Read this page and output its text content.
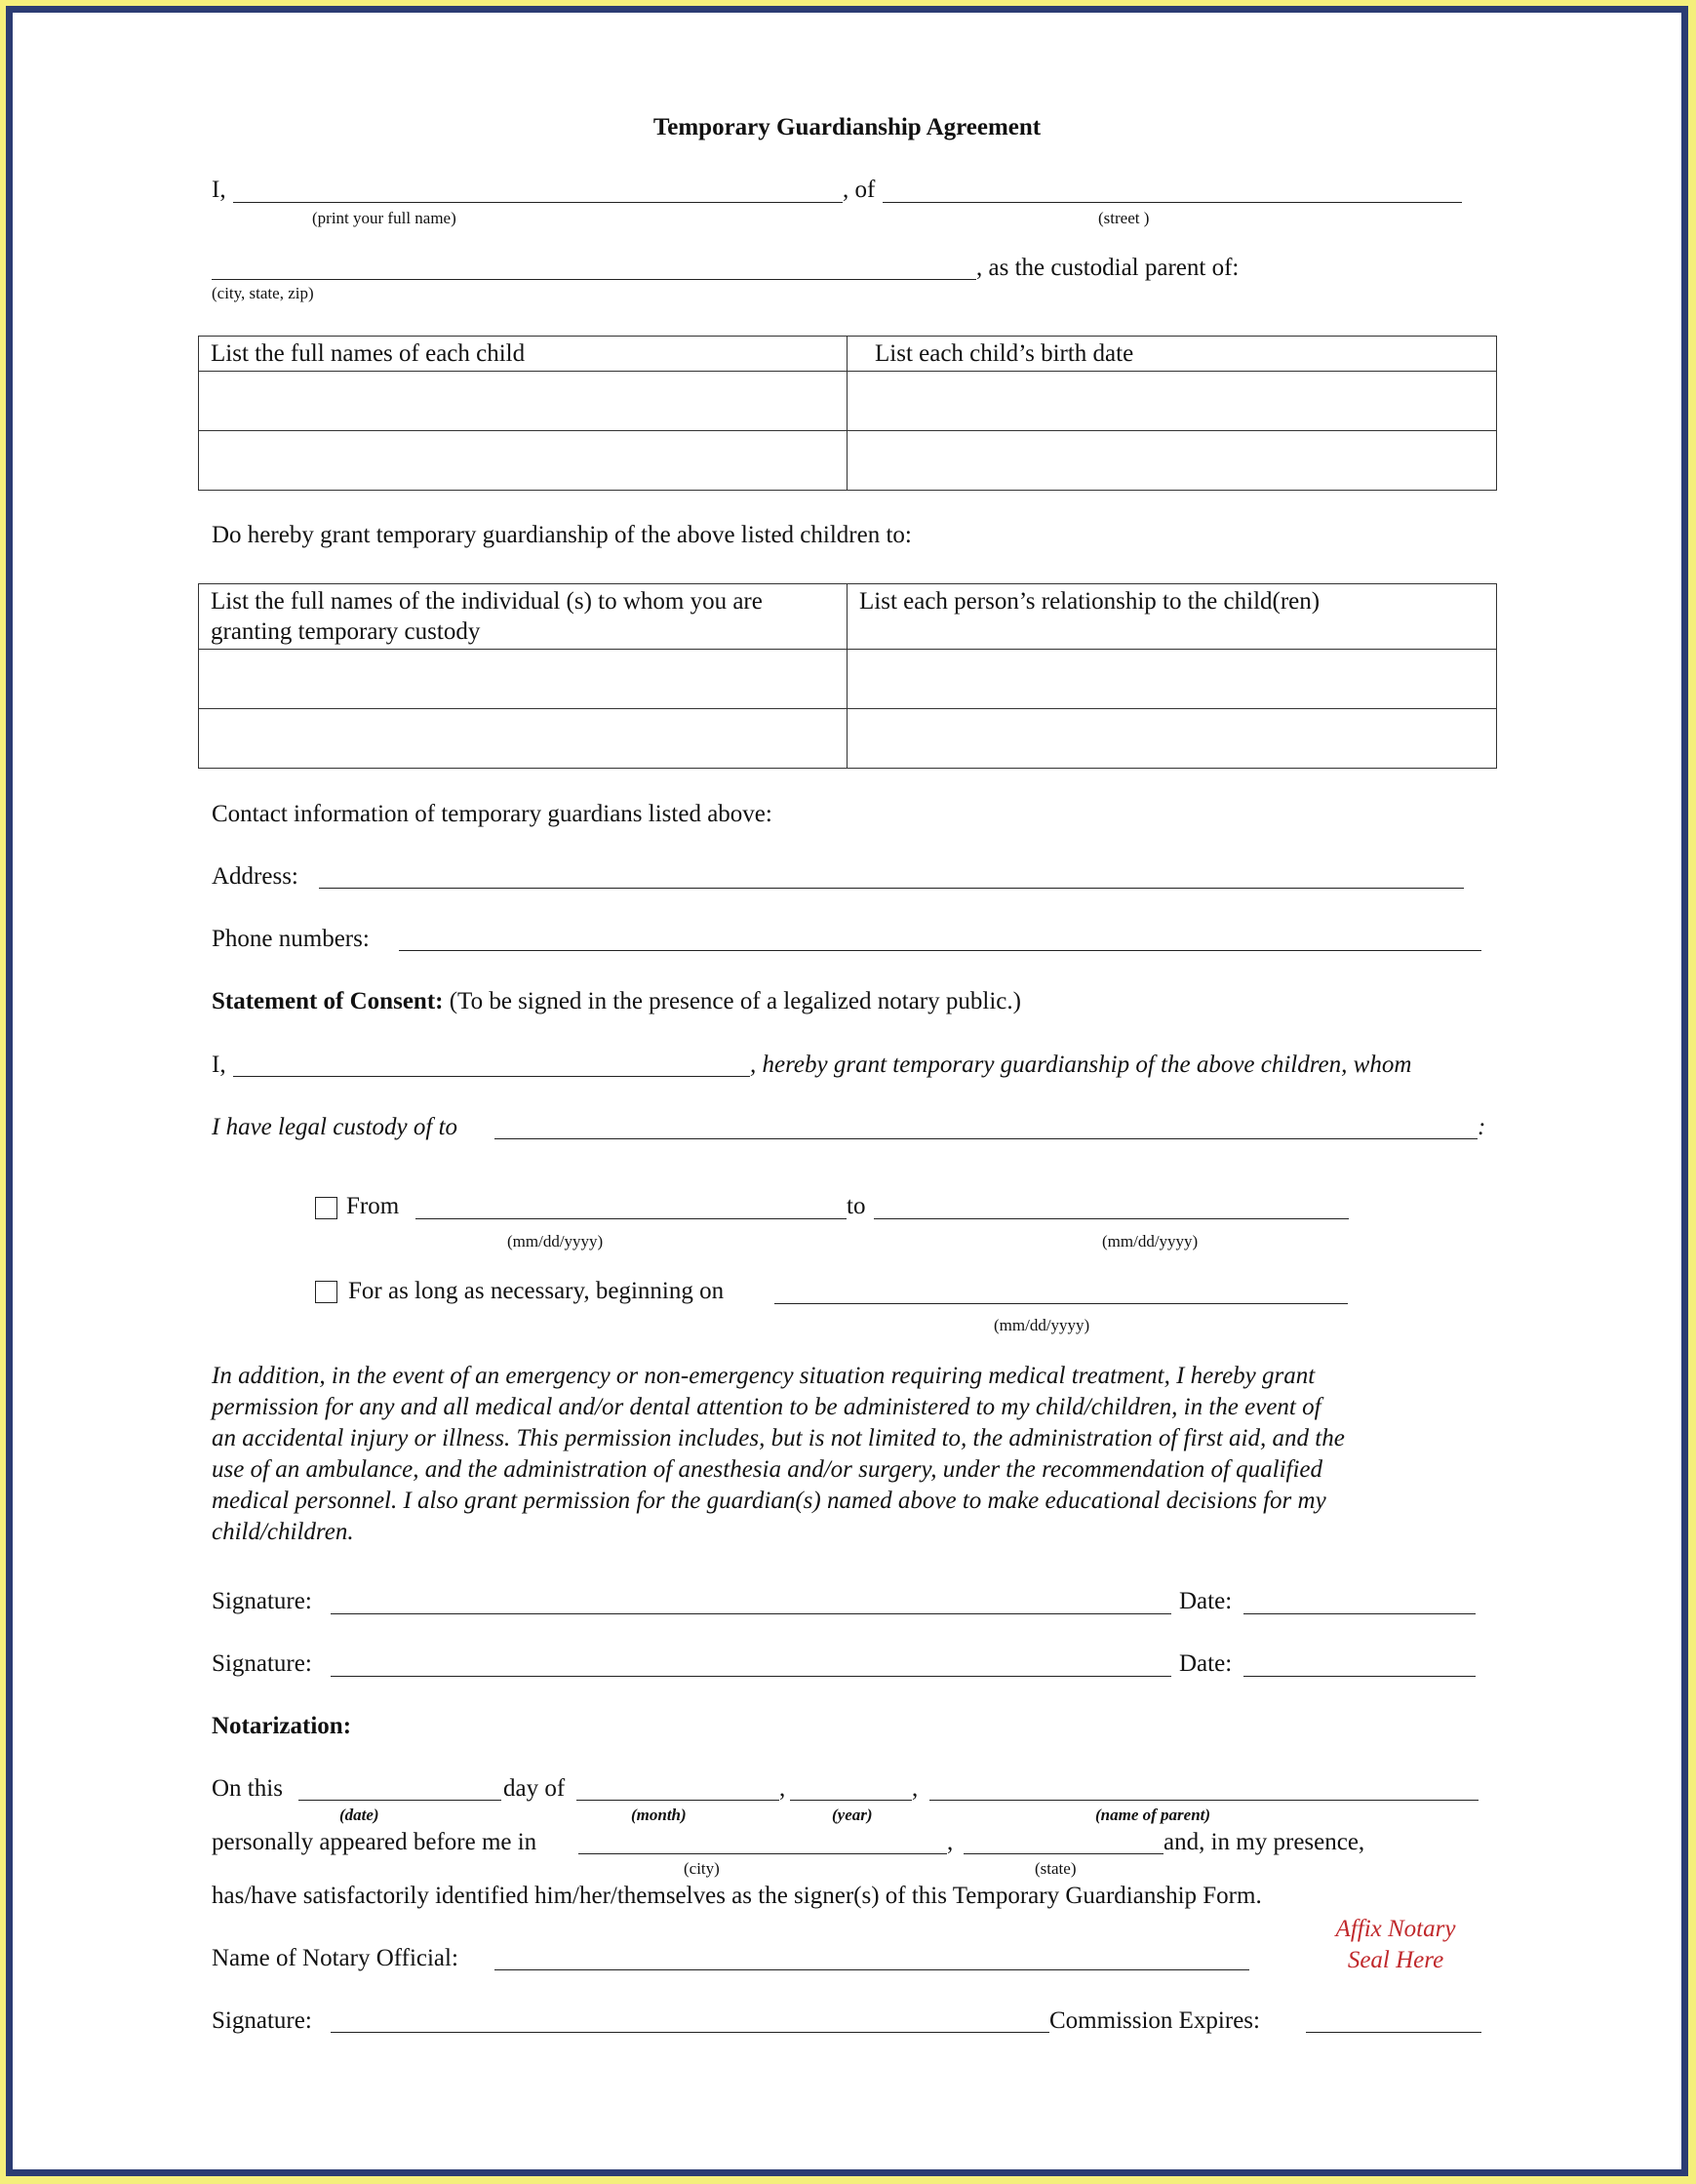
Temporary Guardianship Agreement
I,	, of
(print your full name)	(street )
, as the custodial parent of:
(city, state, zip)
List the full names of each child	List each child’s birth date

Do hereby grant temporary guardianship of the above listed children to:
List the full names of the individual (s) to whom you are
granting temporary custody	List each person’s relationship to the child(ren)

Contact information of temporary guardians listed above:
Address:
Phone numbers:
Statement of Consent: (To be signed in the presence of a legalized notary public.)
I,	, hereby grant temporary guardianship of the above children, whom
I have legal custody of to	:
From	to
(mm/dd/yyyy)	(mm/dd/yyyy)
For as long as necessary, beginning on
(mm/dd/yyyy)
In addition, in the event of an emergency or non-emergency situation requiring medical treatment, I hereby grant
permission for any and all medical and/or dental attention to be administered to my child/children, in the event of
an accidental injury or illness. This permission includes, but is not limited to, the administration of first aid, and the
use of an ambulance, and the administration of anesthesia and/or surgery, under the recommendation of qualified
medical personnel. I also grant permission for the guardian(s) named above to make educational decisions for my
child/children.
Signature:	Date:
Signature:	Date:
Notarization:
On this	day of	,	,
(date)	(month)	(year)	(name of parent)
personally appeared before me in	,	and, in my presence,
(city)	(state)
has/have satisfactorily identified him/her/themselves as the signer(s) of this Temporary Guardianship Form.
Name of Notary Official:
Affix Notary
Seal Here
Signature:	Commission Expires:
